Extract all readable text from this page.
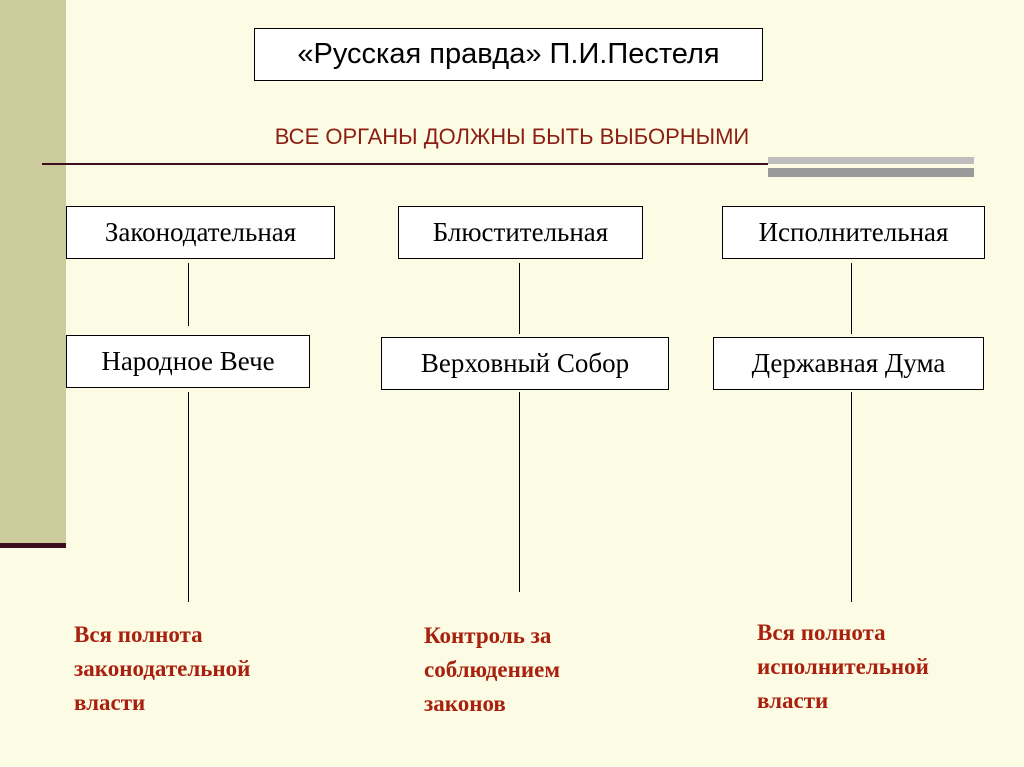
«Русская правда» П.И.Пестеля
ВСЕ ОРГАНЫ ДОЛЖНЫ БЫТЬ ВЫБОРНЫМИ
Законодательная
Народное Вече
Вся полнота
законодательной
власти
Блюстительная
Верховный Собор
Контроль за
соблюдением
законов
Исполнительная
Державная Дума
Вся полнота
исполнительной
власти
